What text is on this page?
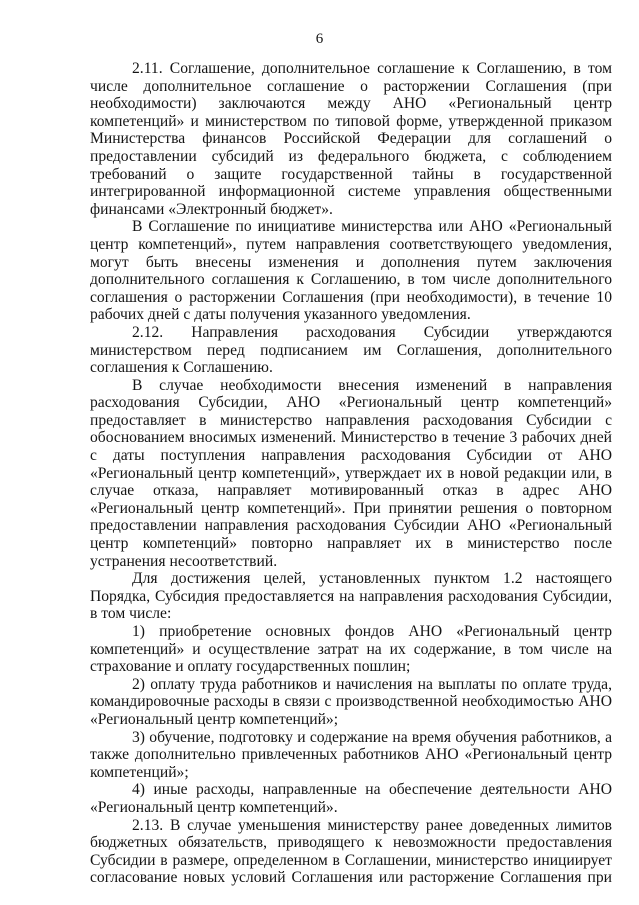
6

2.11. Соглашение, дополнительное соглашение к Соглашению, в том числе дополнительное соглашение о расторжении Соглашения (при необходимости) заключаются между АНО «Региональный центр компетенций» и министерством по типовой форме, утвержденной приказом Министерства финансов Российской Федерации для соглашений о предоставлении субсидий из федерального бюджета, с соблюдением требований о защите государственной тайны в государственной интегрированной информационной системе управления общественными финансами «Электронный бюджет».

В Соглашение по инициативе министерства или АНО «Региональный центр компетенций», путем направления соответствующего уведомления, могут быть внесены изменения и дополнения путем заключения дополнительного соглашения к Соглашению, в том числе дополнительного соглашения о расторжении Соглашения (при необходимости), в течение 10 рабочих дней с даты получения указанного уведомления.

2.12. Направления расходования Субсидии утверждаются министерством перед подписанием им Соглашения, дополнительного соглашения к Соглашению.

В случае необходимости внесения изменений в направления расходования Субсидии, АНО «Региональный центр компетенций» предоставляет в министерство направления расходования Субсидии с обоснованием вносимых изменений. Министерство в течение 3 рабочих дней с даты поступления направления расходования Субсидии от АНО «Региональный центр компетенций», утверждает их в новой редакции или, в случае отказа, направляет мотивированный отказ в адрес АНО «Региональный центр компетенций». При принятии решения о повторном предоставлении направления расходования Субсидии АНО «Региональный центр компетенций» повторно направляет их в министерство после устранения несоответствий.

Для достижения целей, установленных пунктом 1.2 настоящего Порядка, Субсидия предоставляется на направления расходования Субсидии, в том числе:

1) приобретение основных фондов АНО «Региональный центр компетенций» и осуществление затрат на их содержание, в том числе на страхование и оплату государственных пошлин;

2) оплату труда работников и начисления на выплаты по оплате труда, командировочные расходы в связи с производственной необходимостью АНО «Региональный центр компетенций»;

3) обучение, подготовку и содержание на время обучения работников, а также дополнительно привлеченных работников АНО «Региональный центр компетенций»;

4) иные расходы, направленные на обеспечение деятельности АНО «Региональный центр компетенций».

2.13. В случае уменьшения министерству ранее доведенных лимитов бюджетных обязательств, приводящего к невозможности предоставления Субсидии в размере, определенном в Соглашении, министерство инициирует согласование новых условий Соглашения или расторжение Соглашения при
